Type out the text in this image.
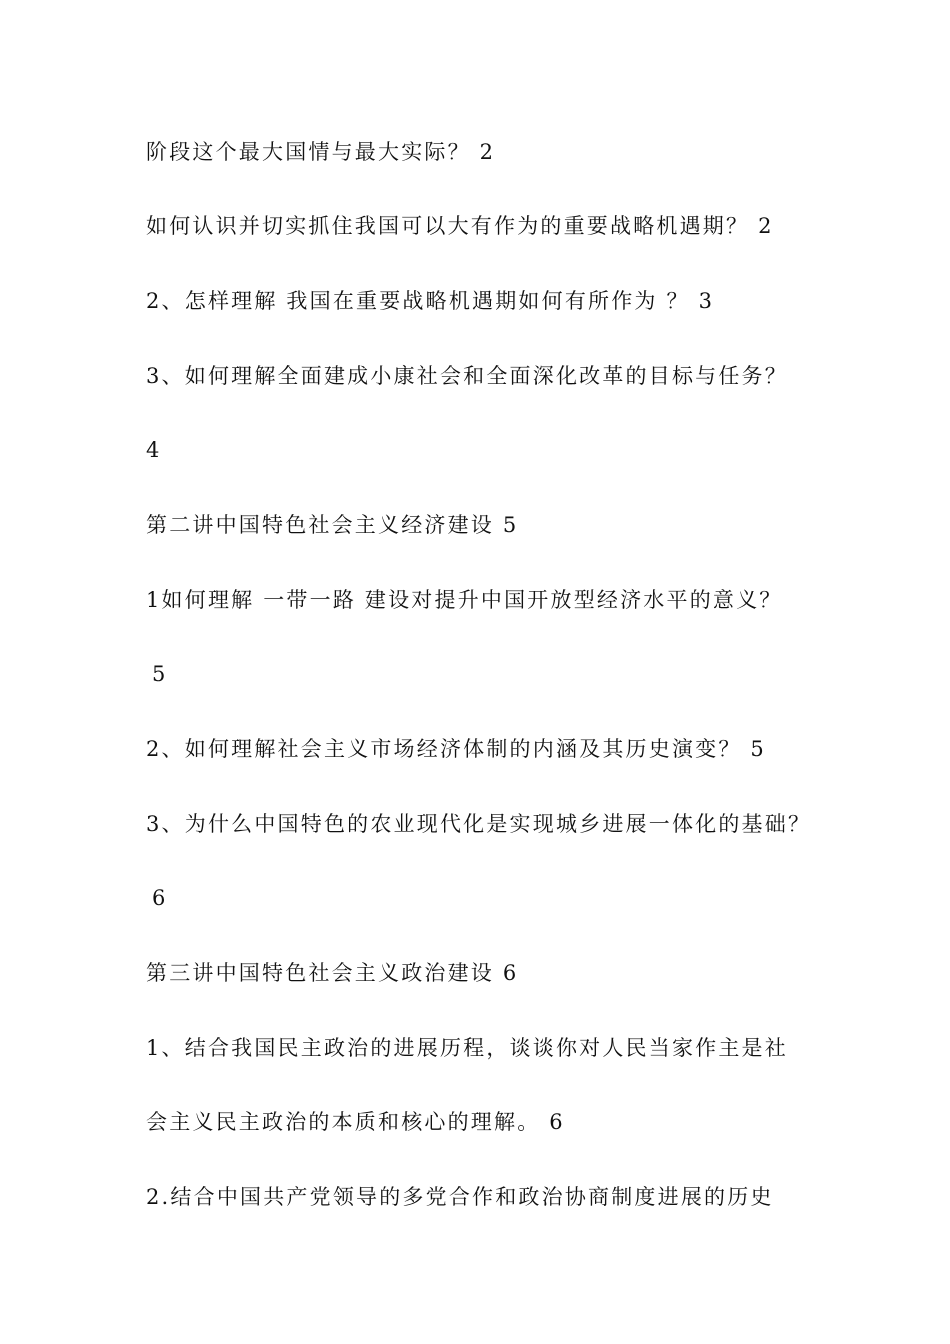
阶段这个最大国情与最大实际？ 2
如何认识并切实抓住我国可以大有作为的重要战略机遇期？ 2
2、怎样理解 我国在重要战略机遇期如何有所作为 ？ 3
3、如何理解全面建成小康社会和全面深化改革的目标与任务？
4
第二讲中国特色社会主义经济建设 5
1如何理解 一带一路 建设对提升中国开放型经济水平的意义？
5
2、如何理解社会主义市场经济体制的内涵及其历史演变？ 5
3、为什么中国特色的农业现代化是实现城乡进展一体化的基础？
6
第三讲中国特色社会主义政治建设 6
1、结合我国民主政治的进展历程，谈谈你对人民当家作主是社
会主义民主政治的本质和核心的理解。 6
2.结合中国共产党领导的多党合作和政治协商制度进展的历史
